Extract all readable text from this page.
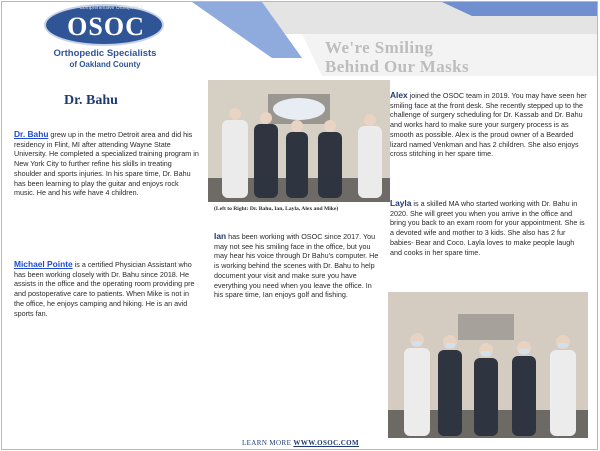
Comprehensive Orthopedics
OSOC
Orthopedic Specialists
of Oakland County
We're Smiling
Behind Our Masks
Dr. Bahu

Dr. Bahu grew up in the metro Detroit area and did his residency in Flint, MI after attending Wayne State University. He completed a specialized training program in New York City to further refine his skills in treating shoulder and sports injuries. In his spare time, Dr. Bahu has been learning to play the guitar and enjoys rock music. He and his wife have 4 children.

Michael Pointe is a certified Physician Assistant who has been working closely with Dr. Bahu since 2018. He assists in the office and the operating room providing pre and postoperative care to patients. When Mike is not in the office, he enjoys camping and hiking. He is an avid sports fan.

(Left to Right: Dr. Bahu, Ian, Layla, Alex and Mike)

Ian has been working with OSOC since 2017. You may not see his smiling face in the office, but you may hear his voice through Dr Bahu's computer. He is working behind the scenes with Dr. Bahu to help document your visit and make sure you have everything you need when you leave the office. In his spare time, Ian enjoys golf and fishing.

Alex joined the OSOC team in 2019. You may have seen her smiling face at the front desk. She recently stepped up to the challenge of surgery scheduling for Dr. Kassab and Dr. Bahu and works hard to make sure your surgery process is as smooth as possible. Alex is the proud owner of a Bearded lizard named Venkman and has 2 children. She also enjoys cross stitching in her spare time.

Layla is a skilled MA who started working with Dr. Bahu in 2020. She will greet you when you arrive in the office and bring you back to an exam room for your appointment. She is a devoted wife and mother to 3 kids. She also has 2 fur babies- Bear and Coco. Layla loves to make people laugh and cooks in her spare time.

LEARN MORE WWW.OSOC.COM
